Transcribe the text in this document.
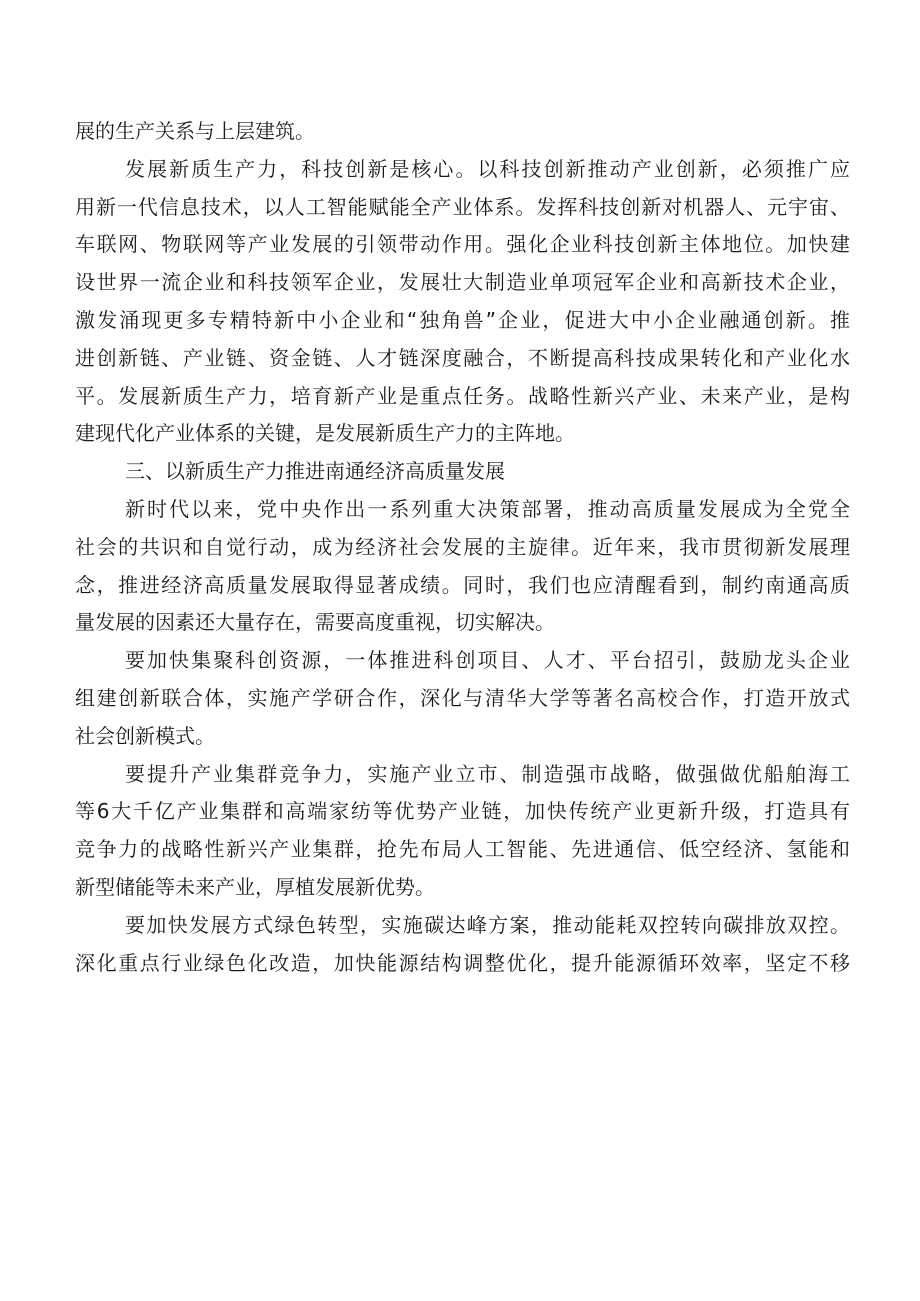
展的生产关系与上层建筑。
发展新质生产力，科技创新是核心。以科技创新推动产业创新，必须推广应
用新一代信息技术，以人工智能赋能全产业体系。发挥科技创新对机器人、元宇宙、
车联网、物联网等产业发展的引领带动作用。强化企业科技创新主体地位。加快建
设世界一流企业和科技领军企业，发展壮大制造业单项冠军企业和高新技术企业，
激发涌现更多专精特新中小企业和“独角兽”企业，促进大中小企业融通创新。推
进创新链、产业链、资金链、人才链深度融合，不断提高科技成果转化和产业化水
平。发展新质生产力，培育新产业是重点任务。战略性新兴产业、未来产业，是构
建现代化产业体系的关键，是发展新质生产力的主阵地。
三、以新质生产力推进南通经济高质量发展
新时代以来，党中央作出一系列重大决策部署，推动高质量发展成为全党全
社会的共识和自觉行动，成为经济社会发展的主旋律。近年来，我市贯彻新发展理
念，推进经济高质量发展取得显著成绩。同时，我们也应清醒看到，制约南通高质
量发展的因素还大量存在，需要高度重视，切实解决。
要加快集聚科创资源，一体推进科创项目、人才、平台招引，鼓励龙头企业
组建创新联合体，实施产学研合作，深化与清华大学等著名高校合作，打造开放式
社会创新模式。
要提升产业集群竞争力，实施产业立市、制造强市战略，做强做优船舶海工
等6大千亿产业集群和高端家纺等优势产业链，加快传统产业更新升级，打造具有
竞争力的战略性新兴产业集群，抢先布局人工智能、先进通信、低空经济、氢能和
新型储能等未来产业，厚植发展新优势。
要加快发展方式绿色转型，实施碳达峰方案，推动能耗双控转向碳排放双控。
深化重点行业绿色化改造，加快能源结构调整优化，提升能源循环效率，坚定不移
